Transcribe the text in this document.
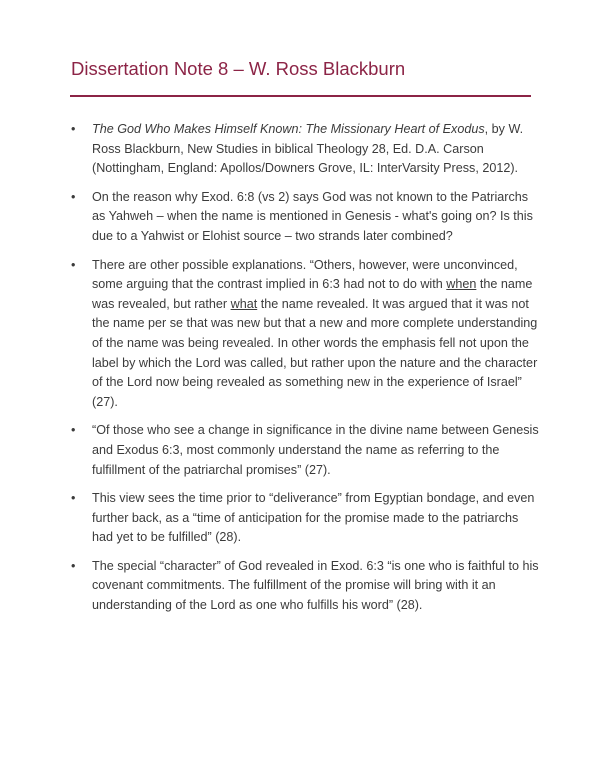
Dissertation Note 8 – W. Ross Blackburn
• The God Who Makes Himself Known: The Missionary Heart of Exodus, by W. Ross Blackburn, New Studies in biblical Theology 28, Ed. D.A. Carson (Nottingham, England: Apollos/Downers Grove, IL: InterVarsity Press, 2012).
• On the reason why Exod. 6:8 (vs 2) says God was not known to the Patriarchs as Yahweh – when the name is mentioned in Genesis - what's going on? Is this due to a Yahwist or Elohist source – two strands later combined?
• There are other possible explanations. “Others, however, were unconvinced, some arguing that the contrast implied in 6:3 had not to do with when the name was revealed, but rather what the name revealed. It was argued that it was not the name per se that was new but that a new and more complete understanding of the name was being revealed. In other words the emphasis fell not upon the label by which the Lord was called, but rather upon the nature and the character of the Lord now being revealed as something new in the experience of Israel” (27).
• “Of those who see a change in significance in the divine name between Genesis and Exodus 6:3, most commonly understand the name as referring to the fulfillment of the patriarchal promises” (27).
• This view sees the time prior to “deliverance” from Egyptian bondage, and even further back, as a “time of anticipation for the promise made to the patriarchs had yet to be fulfilled” (28).
• The special “character” of God revealed in Exod. 6:3 “is one who is faithful to his covenant commitments. The fulfillment of the promise will bring with it an understanding of the Lord as one who fulfills his word” (28).
